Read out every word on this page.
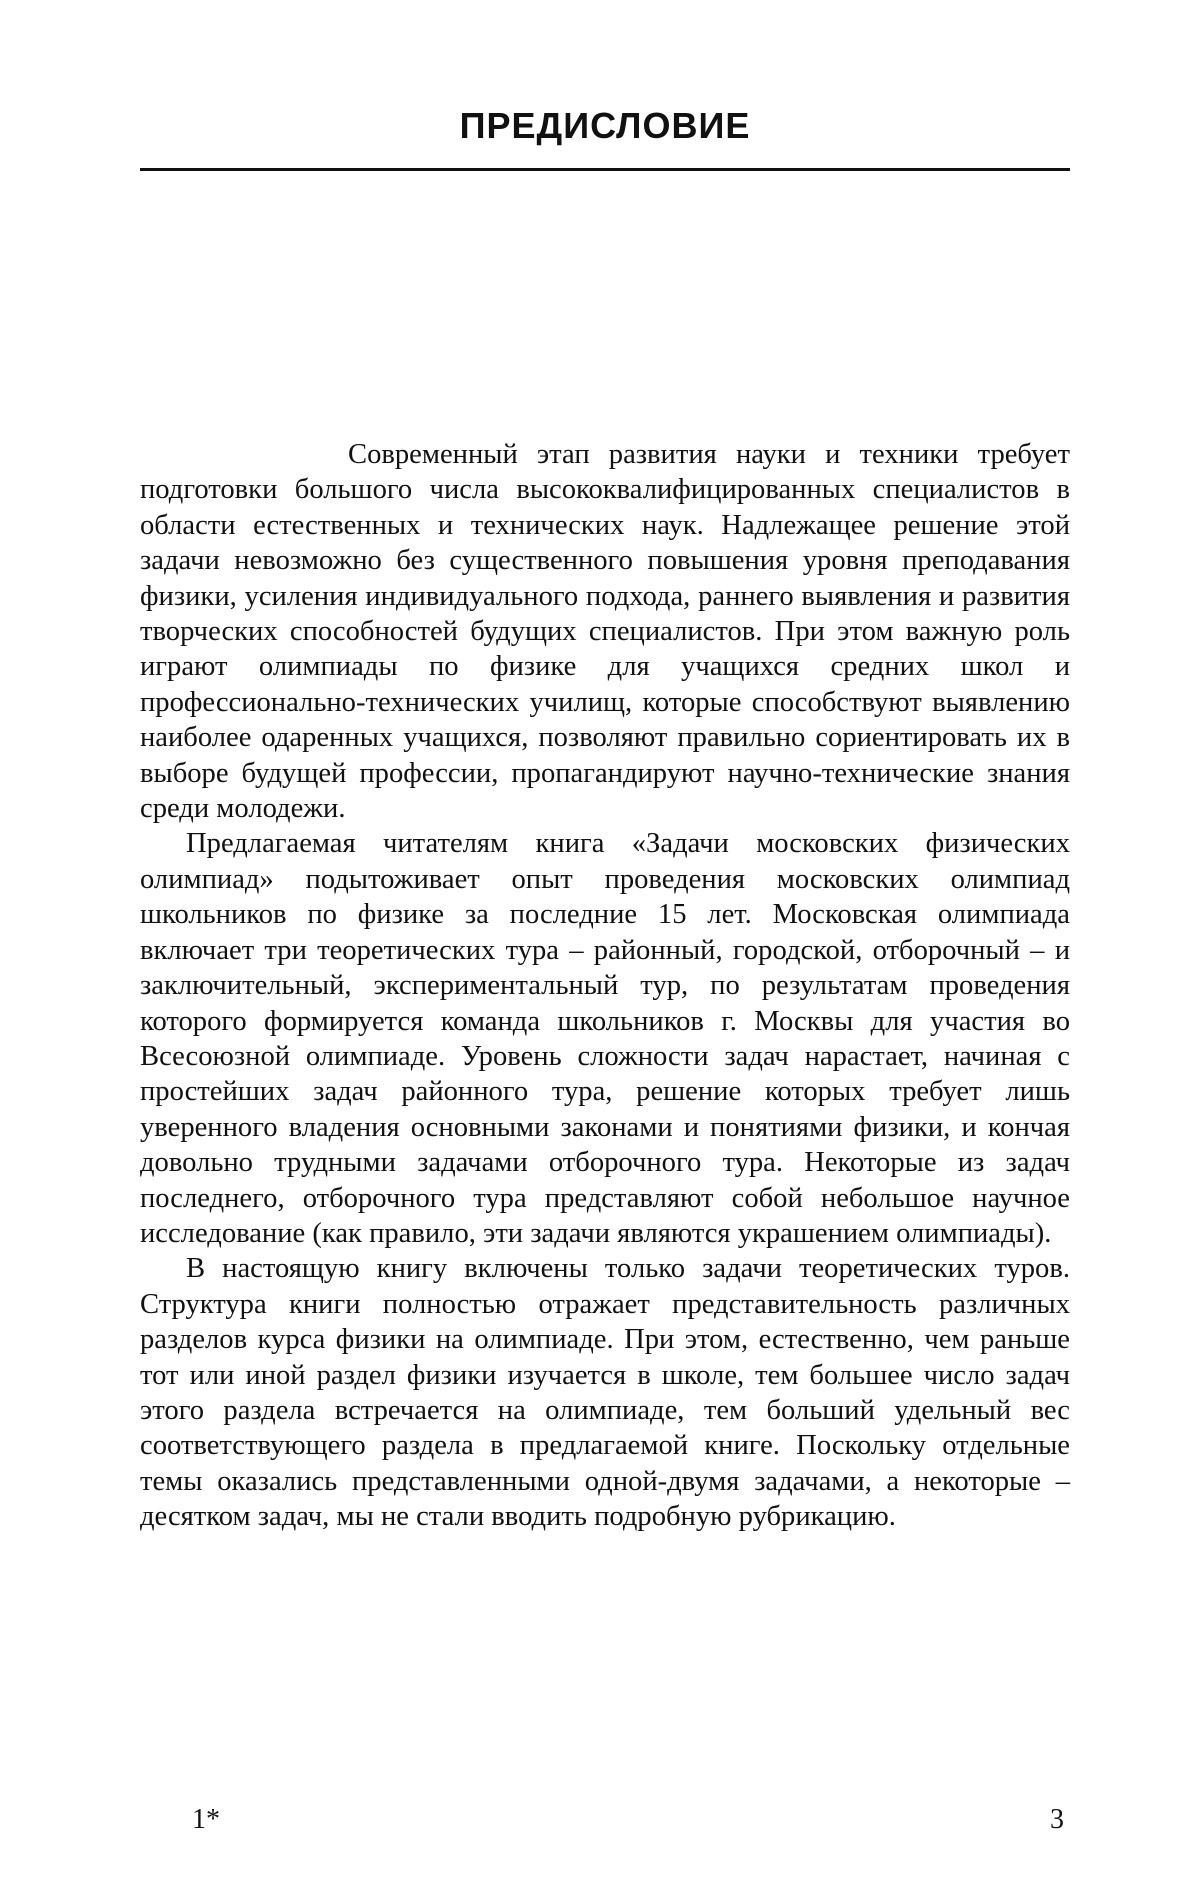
ПРЕДИСЛОВИЕ

Современный этап развития науки и техники требует подготовки большого числа высококвалифицированных специалистов в области естественных и технических наук. Надлежащее решение этой задачи невозможно без существенного повышения уровня преподавания физики, усиления индивидуального подхода, раннего выявления и развития творческих способностей будущих специалистов. При этом важную роль играют олимпиады по физике для учащихся средних школ и профессионально-технических училищ, которые способствуют выявлению наиболее одаренных учащихся, позволяют правильно сориентировать их в выборе будущей профессии, пропагандируют научно-технические знания среди молодежи.

Предлагаемая читателям книга «Задачи московских физических олимпиад» подытоживает опыт проведения московских олимпиад школьников по физике за последние 15 лет. Московская олимпиада включает три теоретических тура – районный, городской, отборочный – и заключительный, экспериментальный тур, по результатам проведения которого формируется команда школьников г. Москвы для участия во Всесоюзной олимпиаде. Уровень сложности задач нарастает, начиная с простейших задач районного тура, решение которых требует лишь уверенного владения основными законами и понятиями физики, и кончая довольно трудными задачами отборочного тура. Некоторые из задач последнего, отборочного тура представляют собой небольшое научное исследование (как правило, эти задачи являются украшением олимпиады).

В настоящую книгу включены только задачи теоретических туров. Структура книги полностью отражает представительность различных разделов курса физики на олимпиаде. При этом, естественно, чем раньше тот или иной раздел физики изучается в школе, тем большее число задач этого раздела встречается на олимпиаде, тем больший удельный вес соответствующего раздела в предлагаемой книге. Поскольку отдельные темы оказались представленными одной-двумя задачами, а некоторые – десятком задач, мы не стали вводить подробную рубрикацию.

1*	3
